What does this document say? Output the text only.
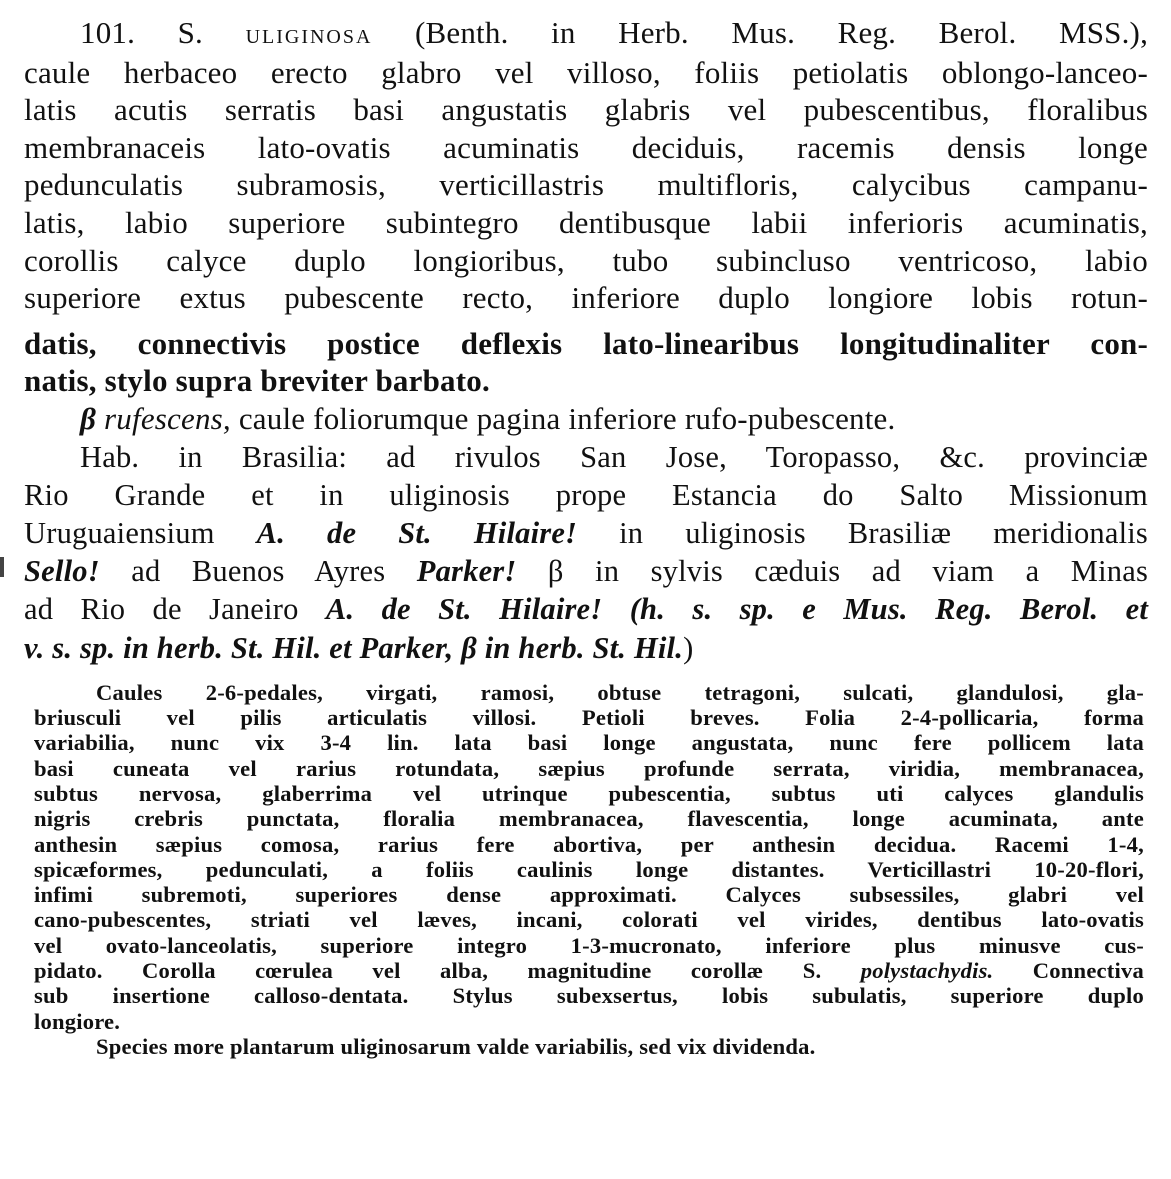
101. S. uliginosa (Benth. in Herb. Mus. Reg. Berol. MSS.),
caule herbaceo erecto glabro vel villoso, foliis petiolatis oblongo-lanceo-
latis acutis serratis basi angustatis glabris vel pubescentibus, floralibus
membranaceis lato-ovatis acuminatis deciduis, racemis densis longe
pedunculatis subramosis, verticillastris multifloris, calycibus campanu-
latis, labio superiore subintegro dentibusque labii inferioris acuminatis,
corollis calyce duplo longioribus, tubo subincluso ventricoso, labio
superiore extus pubescente recto, inferiore duplo longiore lobis rotun-
datis, connectivis postice deflexis lato-linearibus longitudinaliter con-
natis, stylo supra breviter barbato.
β rufescens, caule foliorumque pagina inferiore rufo-pubescente.
Hab. in Brasilia: ad rivulos San Jose, Toropasso, &c. provinciæ
Rio Grande et in uliginosis prope Estancia do Salto Missionum
Uruguaiensium A. de St. Hilaire! in uliginosis Brasiliæ meridionalis
Sello! ad Buenos Ayres Parker! β in sylvis cæduis ad viam a Minas
ad Rio de Janeiro A. de St. Hilaire! (h. s. sp. e Mus. Reg. Berol. et
v. s. sp. in herb. St. Hil. et Parker, β in herb. St. Hil.)
Caules 2-6-pedales, virgati, ramosi, obtuse tetragoni, sulcati, glandulosi, gla-
briusculi vel pilis articulatis villosi. Petioli breves. Folia 2-4-pollicaria, forma
variabilia, nunc vix 3-4 lin. lata basi longe angustata, nunc fere pollicem lata
basi cuneata vel rarius rotundata, sæpius profunde serrata, viridia, membranacea,
subtus nervosa, glaberrima vel utrinque pubescentia, subtus uti calyces glandulis
nigris crebris punctata, floralia membranacea, flavescentia, longe acuminata, ante
anthesin sæpius comosa, rarius fere abortiva, per anthesin decidua. Racemi 1-4,
spicæformes, pedunculati, a foliis caulinis longe distantes. Verticillastri 10-20-flori,
infimi subremoti, superiores dense approximati. Calyces subsessiles, glabri vel
cano-pubescentes, striati vel læves, incani, colorati vel virides, dentibus lato-ovatis
vel ovato-lanceolatis, superiore integro 1-3-mucronato, inferiore plus minusve cus-
pidato. Corolla cœrulea vel alba, magnitudine corollæ S. polystachydis. Connectiva
sub insertione calloso-dentata. Stylus subexsertus, lobis subulatis, superiore duplo
longiore.
Species more plantarum uliginosarum valde variabilis, sed vix dividenda.
